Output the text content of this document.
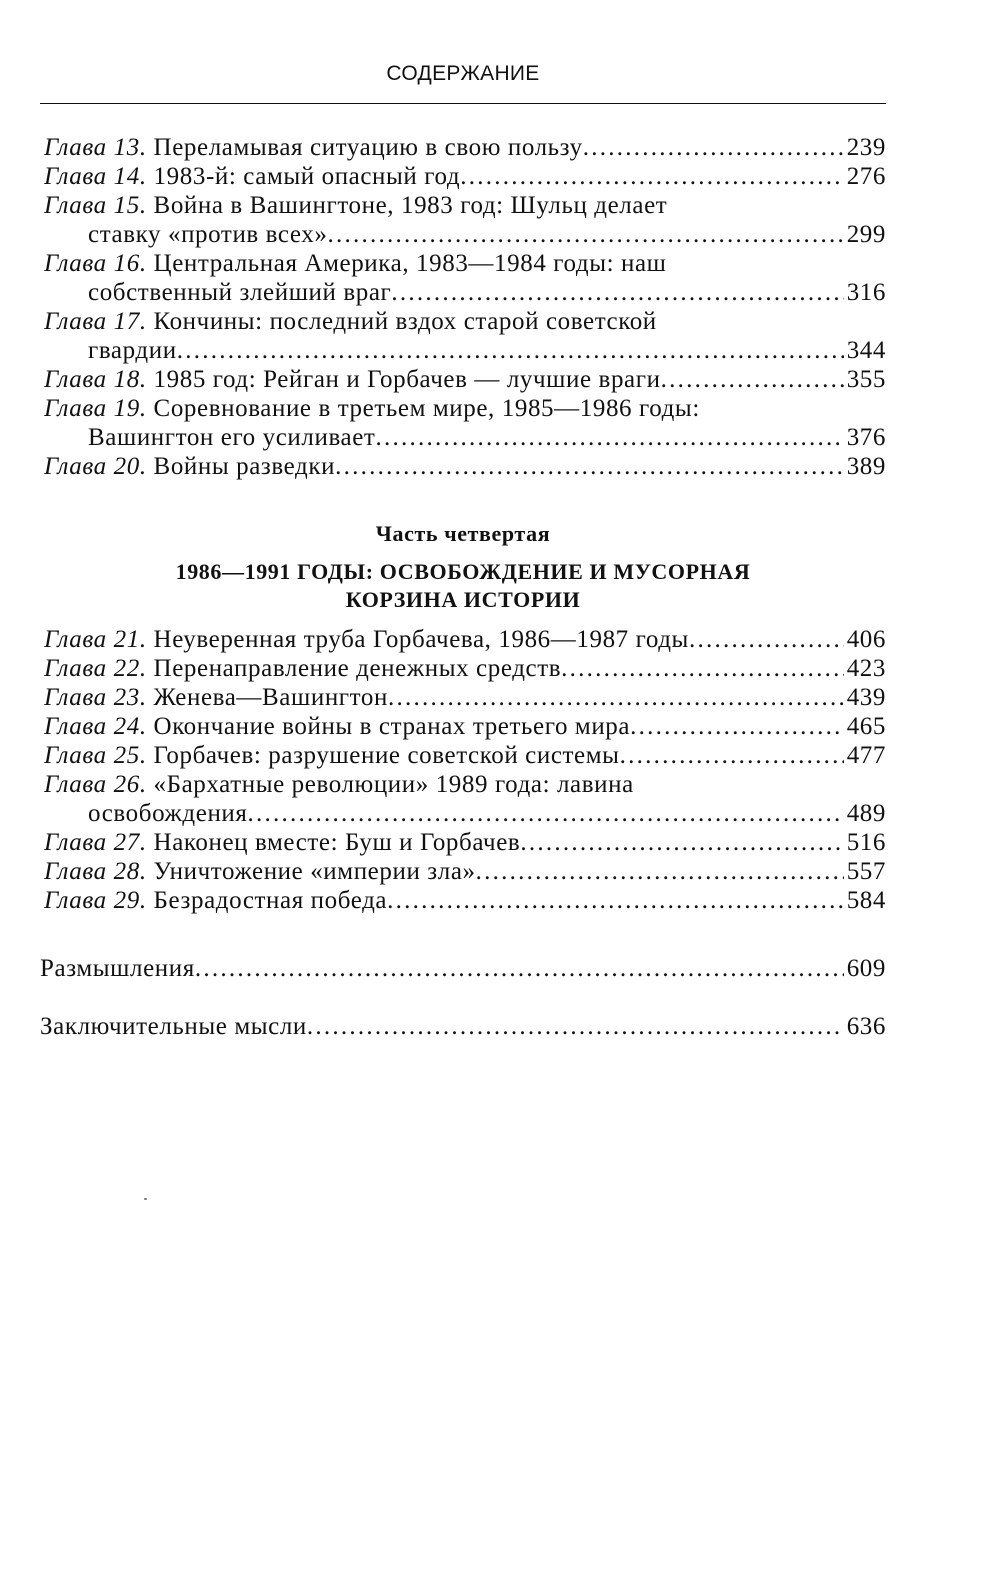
СОДЕРЖАНИЕ
Глава 13. Переламывая ситуацию в свою пользу . . .	239
Глава 14. 1983-й: самый опасный год . . .	276
Глава 15. Война в Вашингтоне, 1983 год: Шульц делает
ставку «против всех» . . .	299
Глава 16. Центральная Америка, 1983—1984 годы: наш
собственный злейший враг . . .	316
Глава 17. Кончины: последний вздох старой советской
гвардии . . .	344
Глава 18. 1985 год: Рейган и Горбачев — лучшие враги . . .	355
Глава 19. Соревнование в третьем мире, 1985—1986 годы:
Вашингтон его усиливает . . .	376
Глава 20. Войны разведки . . .	389
Часть четвертая
1986—1991 ГОДЫ: ОСВОБОЖДЕНИЕ И МУСОРНАЯ
КОРЗИНА ИСТОРИИ
Глава 21. Неуверенная труба Горбачева, 1986—1987 годы . . .	406
Глава 22. Перенаправление денежных средств . . .	423
Глава 23. Женева—Вашингтон . . .	439
Глава 24. Окончание войны в странах третьего мира . . .	465
Глава 25. Горбачев: разрушение советской системы . . .	477
Глава 26. «Бархатные революции» 1989 года: лавина
освобождения . . .	489
Глава 27. Наконец вместе: Буш и Горбачев . . .	516
Глава 28. Уничтожение «империи зла» . . .	557
Глава 29. Безрадостная победа . . .	584
Размышления . . .	609
Заключительные мысли . . .	636
